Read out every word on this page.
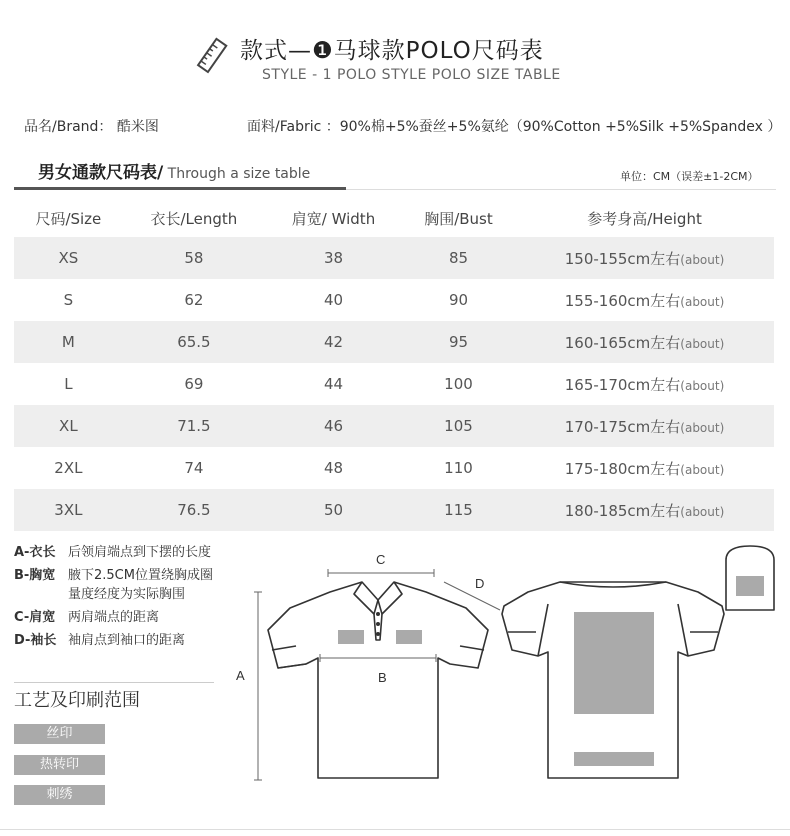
款式—❶马球款POLO尺码表
STYLE - 1 POLO STYLE POLO SIZE TABLE
品名/Brand： 酷米图	面料/Fabric ：90%棉+5%蚕丝+5%氨纶（90%Cotton +5%Silk +5%Spandex ）
男女通款尺码表/ Through a size table	单位：CM（误差±1-2CM）
尺码/Size	衣长/Length	肩宽/ Width	胸围/Bust	参考身高/Height
XS	58	38	85	150-155cm左右(about)
S	62	40	90	155-160cm左右(about)
M	65.5	42	95	160-165cm左右(about)
L	69	44	100	165-170cm左右(about)
XL	71.5	46	105	170-175cm左右(about)
2XL	74	48	110	175-180cm左右(about)
3XL	76.5	50	115	180-185cm左右(about)
A-衣长 后领肩端点到下摆的长度
B-胸宽 腋下2.5CM位置绕胸成圈
量度经度为实际胸围
C-肩宽 两肩端点的距离
D-袖长 袖肩点到袖口的距离
工艺及印刷范围
丝印
热转印
刺绣
C
D
B
A
